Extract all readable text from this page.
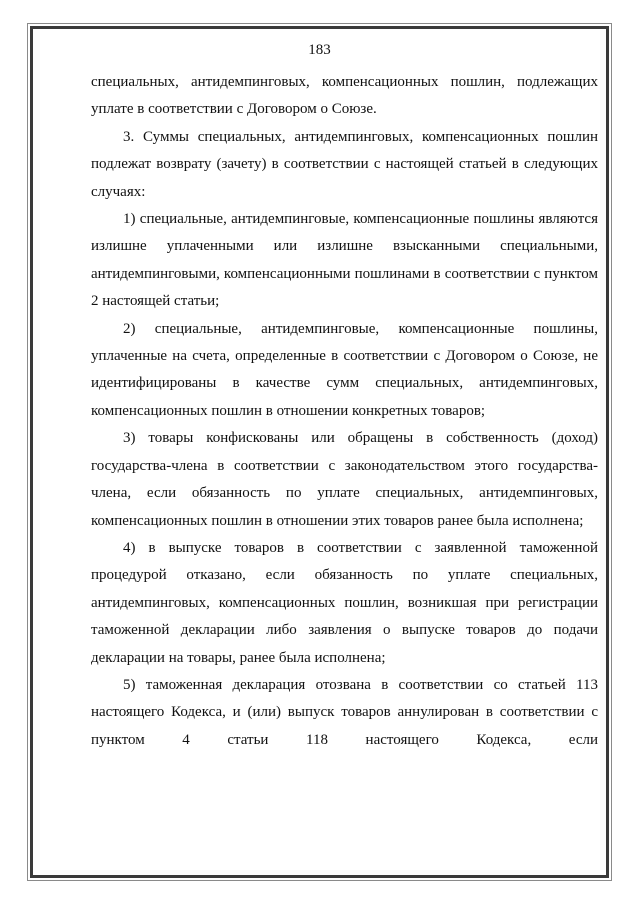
183

специальных, антидемпинговых, компенсационных пошлин, подлежащих уплате в соответствии с Договором о Союзе.

3. Суммы специальных, антидемпинговых, компенсационных пошлин подлежат возврату (зачету) в соответствии с настоящей статьей в следующих случаях:

1) специальные, антидемпинговые, компенсационные пошлины являются излишне уплаченными или излишне взысканными специальными, антидемпинговыми, компенсационными пошлинами в соответствии с пунктом 2 настоящей статьи;

2) специальные, антидемпинговые, компенсационные пошлины, уплаченные на счета, определенные в соответствии с Договором о Союзе, не идентифицированы в качестве сумм специальных, антидемпинговых, компенсационных пошлин в отношении конкретных товаров;

3) товары конфискованы или обращены в собственность (доход) государства-члена в соответствии с законодательством этого государства-члена, если обязанность по уплате специальных, антидемпинговых, компенсационных пошлин в отношении этих товаров ранее была исполнена;

4) в выпуске товаров в соответствии с заявленной таможенной процедурой отказано, если обязанность по уплате специальных, антидемпинговых, компенсационных пошлин, возникшая при регистрации таможенной декларации либо заявления о выпуске товаров до подачи декларации на товары, ранее была исполнена;

5) таможенная декларация отозвана в соответствии со статьей 113 настоящего Кодекса, и (или) выпуск товаров аннулирован в соответствии с пунктом 4 статьи 118 настоящего Кодекса, если
